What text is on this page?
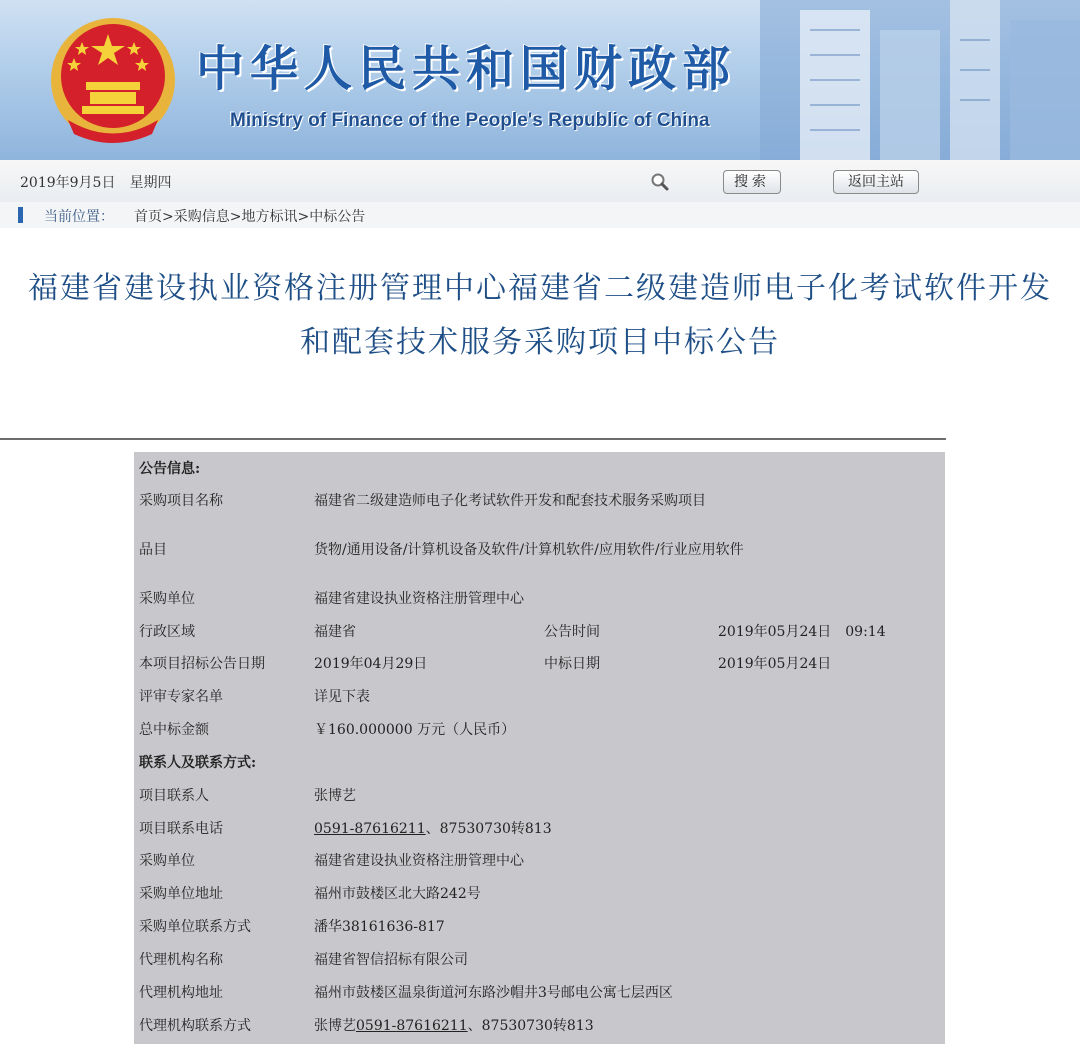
中华人民共和国财政部
Ministry of Finance of the People's Republic of China
2019年9月5日　星期四	搜索	返回主站
当前位置： 首页>采购信息>地方标讯>中标公告
福建省建设执业资格注册管理中心福建省二级建造师电子化考试软件开发
和配套技术服务采购项目中标公告
公告信息:
采购项目名称	福建省二级建造师电子化考试软件开发和配套技术服务采购项目
品目	货物/通用设备/计算机设备及软件/计算机软件/应用软件/行业应用软件
采购单位	福建省建设执业资格注册管理中心
行政区域	福建省	公告时间	2019年05月24日　09:14
本项目招标公告日期	2019年04月29日	中标日期	2019年05月24日
评审专家名单	详见下表
总中标金额	￥160.000000 万元（人民币）
联系人及联系方式:
项目联系人	张博艺
项目联系电话	0591-87616211、87530730转813
采购单位	福建省建设执业资格注册管理中心
采购单位地址	福州市鼓楼区北大路242号
采购单位联系方式	潘华38161636-817
代理机构名称	福建省智信招标有限公司
代理机构地址	福州市鼓楼区温泉街道河东路沙帽井3号邮电公寓七层西区
代理机构联系方式	张博艺0591-87616211、87530730转813
